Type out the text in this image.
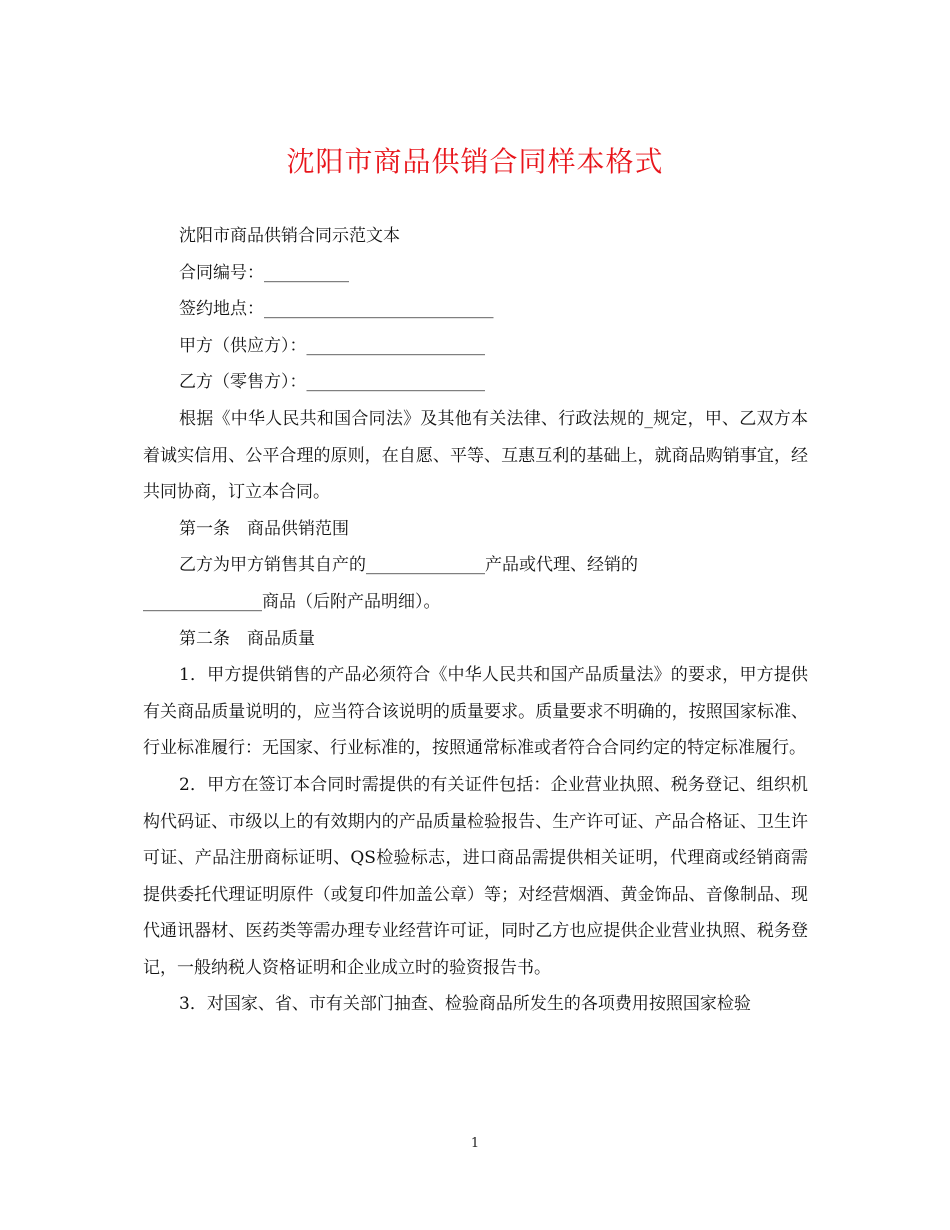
沈阳市商品供销合同样本格式

沈阳市商品供销合同示范文本

合同编号：__________

签约地点：___________________________

甲方（供应方）：_____________________

乙方（零售方）：_____________________

根据《中华人民共和国合同法》及其他有关法律、行政法规的_规定，甲、乙双方本着诚实信用、公平合理的原则，在自愿、平等、互惠互利的基础上，就商品购销事宜，经共同协商，订立本合同。

第一条　商品供销范围

乙方为甲方销售其自产的______________产品或代理、经销的

______________商品（后附产品明细）。

第二条　商品质量

1．甲方提供销售的产品必须符合《中华人民共和国产品质量法》的要求，甲方提供有关商品质量说明的，应当符合该说明的质量要求。质量要求不明确的，按照国家标准、行业标准履行：无国家、行业标准的，按照通常标准或者符合合同约定的特定标准履行。

2．甲方在签订本合同时需提供的有关证件包括：企业营业执照、税务登记、组织机构代码证、市级以上的有效期内的产品质量检验报告、生产许可证、产品合格证、卫生许可证、产品注册商标证明、QS检验标志，进口商品需提供相关证明，代理商或经销商需提供委托代理证明原件（或复印件加盖公章）等；对经营烟酒、黄金饰品、音像制品、现代通讯器材、医药类等需办理专业经营许可证，同时乙方也应提供企业营业执照、税务登记，一般纳税人资格证明和企业成立时的验资报告书。

3．对国家、省、市有关部门抽查、检验商品所发生的各项费用按照国家检验

1
